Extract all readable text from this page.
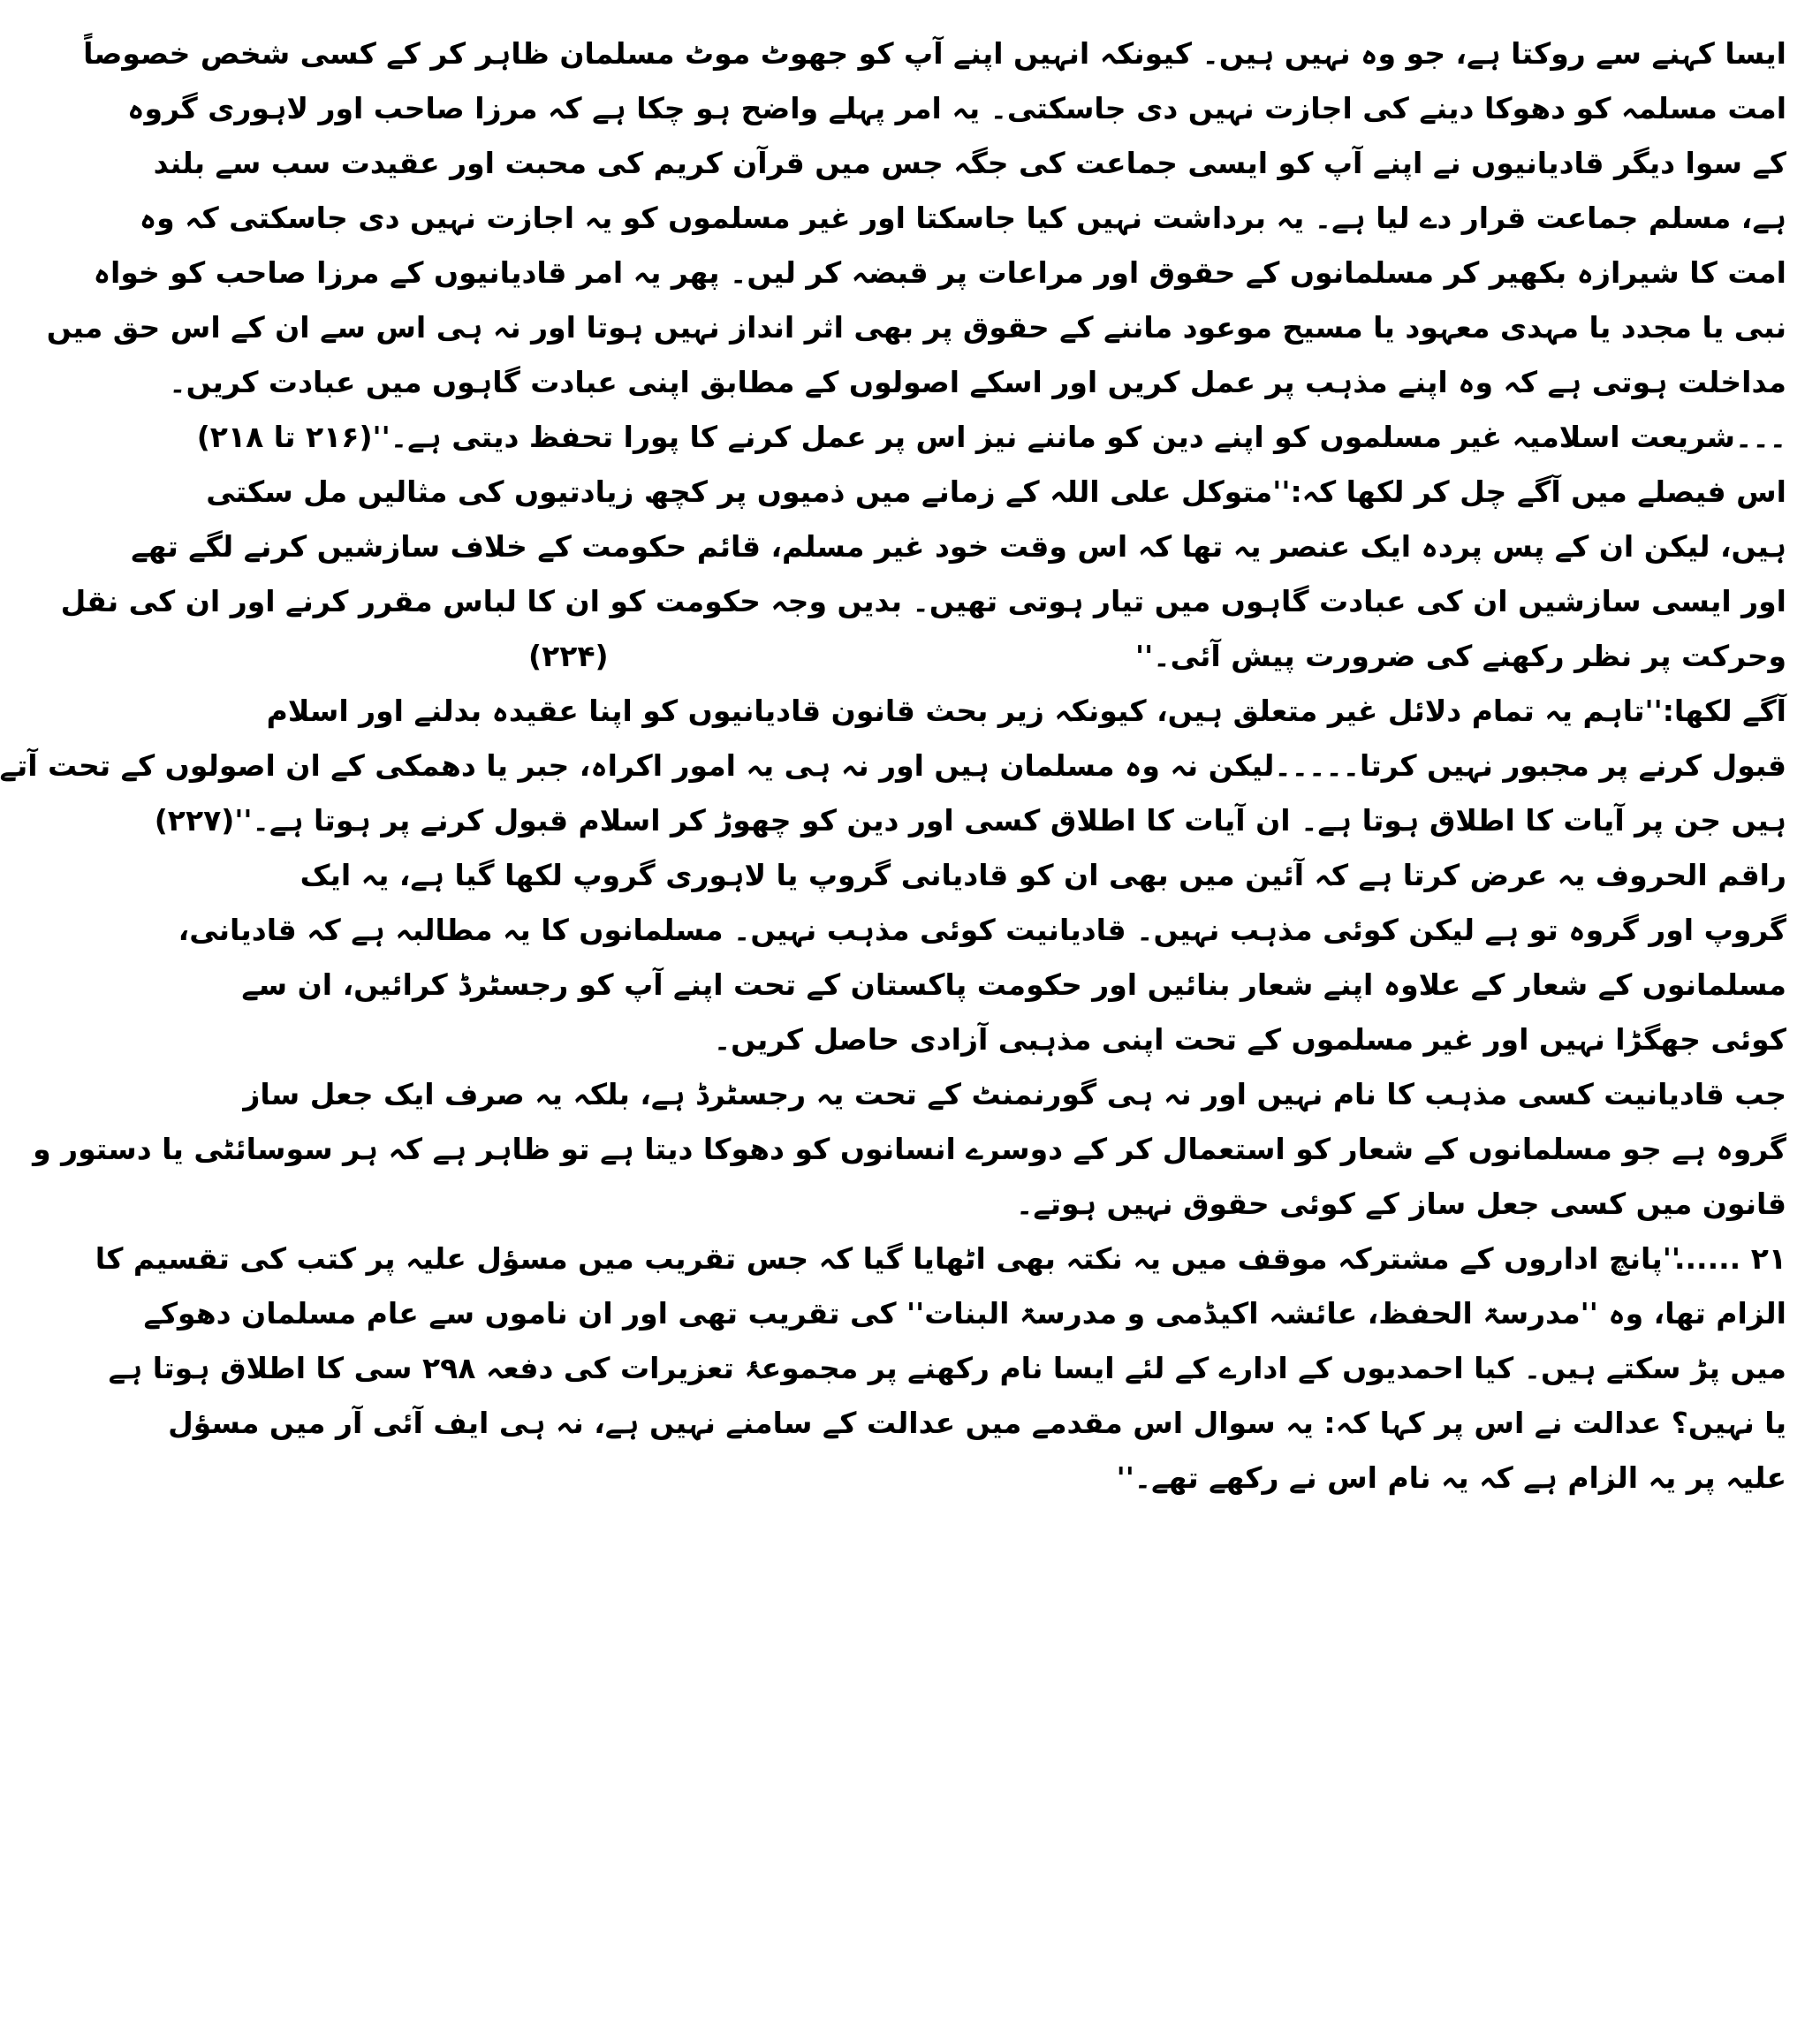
ایسا کہنے سے روکتا ہے، جو وہ نہیں ہیں۔ کیونکہ انہیں اپنے آپ کو جھوٹ موٹ مسلمان ظاہر کر کے کسی شخص خصوصاً
امت مسلمہ کو دھوکا دینے کی اجازت نہیں دی جاسکتی۔ یہ امر پہلے واضح ہو چکا ہے کہ مرزا صاحب اور لاہوری گروہ
کے سوا دیگر قادیانیوں نے اپنے آپ کو ایسی جماعت کی جگہ جس میں قرآن کریم کی محبت اور عقیدت سب سے بلند
ہے، مسلم جماعت قرار دے لیا ہے۔ یہ برداشت نہیں کیا جاسکتا اور غیر مسلموں کو یہ اجازت نہیں دی جاسکتی کہ وہ
امت کا شیرازہ بکھیر کر مسلمانوں کے حقوق اور مراعات پر قبضہ کر لیں۔ پھر یہ امر قادیانیوں کے مرزا صاحب کو خواہ
نبی یا مجدد یا مہدی معہود یا مسیح موعود ماننے کے حقوق پر بھی اثر انداز نہیں ہوتا اور نہ ہی اس سے ان کے اس حق میں
مداخلت ہوتی ہے کہ وہ اپنے مذہب پر عمل کریں اور اسکے اصولوں کے مطابق اپنی عبادت گاہوں میں عبادت کریں۔
۔۔۔شریعت اسلامیہ غیر مسلموں کو اپنے دین کو ماننے نیز اس پر عمل کرنے کا پورا تحفظ دیتی ہے۔''
(۲۱۶ تا ۲۱۸)
اس فیصلے میں آگے چل کر لکھا کہ:''متوکل علی اللہ کے زمانے میں ذمیوں پر کچھ زیادتیوں کی مثالیں مل سکتی
ہیں، لیکن ان کے پس پردہ ایک عنصر یہ تھا کہ اس وقت خود غیر مسلم، قائم حکومت کے خلاف سازشیں کرنے لگے تھے
اور ایسی سازشیں ان کی عبادت گاہوں میں تیار ہوتی تھیں۔ بدیں وجہ حکومت کو ان کا لباس مقرر کرنے اور ان کی نقل
وحرکت پر نظر رکھنے کی ضرورت پیش آئی۔''
(۲۲۴)
آگے لکھا:''تاہم یہ تمام دلائل غیر متعلق ہیں، کیونکہ زیر بحث قانون قادیانیوں کو اپنا عقیدہ بدلنے اور اسلام
قبول کرنے پر مجبور نہیں کرتا۔۔۔۔۔لیکن نہ وہ مسلمان ہیں اور نہ ہی یہ امور اکراہ، جبر یا دھمکی کے ان اصولوں کے تحت آتے
ہیں جن پر آیات کا اطلاق ہوتا ہے۔ ان آیات کا اطلاق کسی اور دین کو چھوڑ کر اسلام قبول کرنے پر ہوتا ہے۔''
(۲۲۷)
راقم الحروف یہ عرض کرتا ہے کہ آئین میں بھی ان کو قادیانی گروپ یا لاہوری گروپ لکھا گیا ہے، یہ ایک
گروپ اور گروہ تو ہے لیکن کوئی مذہب نہیں۔ قادیانیت کوئی مذہب نہیں۔ مسلمانوں کا یہ مطالبہ ہے کہ قادیانی،
مسلمانوں کے شعار کے علاوہ اپنے شعار بنائیں اور حکومت پاکستان کے تحت اپنے آپ کو رجسٹرڈ کرائیں، ان سے
کوئی جھگڑا نہیں اور غیر مسلموں کے تحت اپنی مذہبی آزادی حاصل کریں۔
جب قادیانیت کسی مذہب کا نام نہیں اور نہ ہی گورنمنٹ کے تحت یہ رجسٹرڈ ہے، بلکہ یہ صرف ایک جعل ساز
گروہ ہے جو مسلمانوں کے شعار کو استعمال کر کے دوسرے انسانوں کو دھوکا دیتا ہے تو ظاہر ہے کہ ہر سوسائٹی یا دستور و
قانون میں کسی جعل ساز کے کوئی حقوق نہیں ہوتے۔
۲۱ ......
''پانچ اداروں کے مشترکہ موقف میں یہ نکتہ بھی اٹھایا گیا کہ جس تقریب میں مسؤل علیہ پر کتب کی تقسیم کا
الزام تھا، وہ ''مدرسۃ الحفظ، عائشہ اکیڈمی و مدرسۃ البنات'' کی تقریب تھی اور ان ناموں سے عام مسلمان دھوکے
میں پڑ سکتے ہیں۔ کیا احمدیوں کے ادارے کے لئے ایسا نام رکھنے پر مجموعۂ تعزیرات کی دفعہ ۲۹۸ سی کا اطلاق ہوتا ہے
یا نہیں؟ عدالت نے اس پر کہا کہ: یہ سوال اس مقدمے میں عدالت کے سامنے نہیں ہے، نہ ہی ایف آئی آر میں مسؤل
علیہ پر یہ الزام ہے کہ یہ نام اس نے رکھے تھے۔''
